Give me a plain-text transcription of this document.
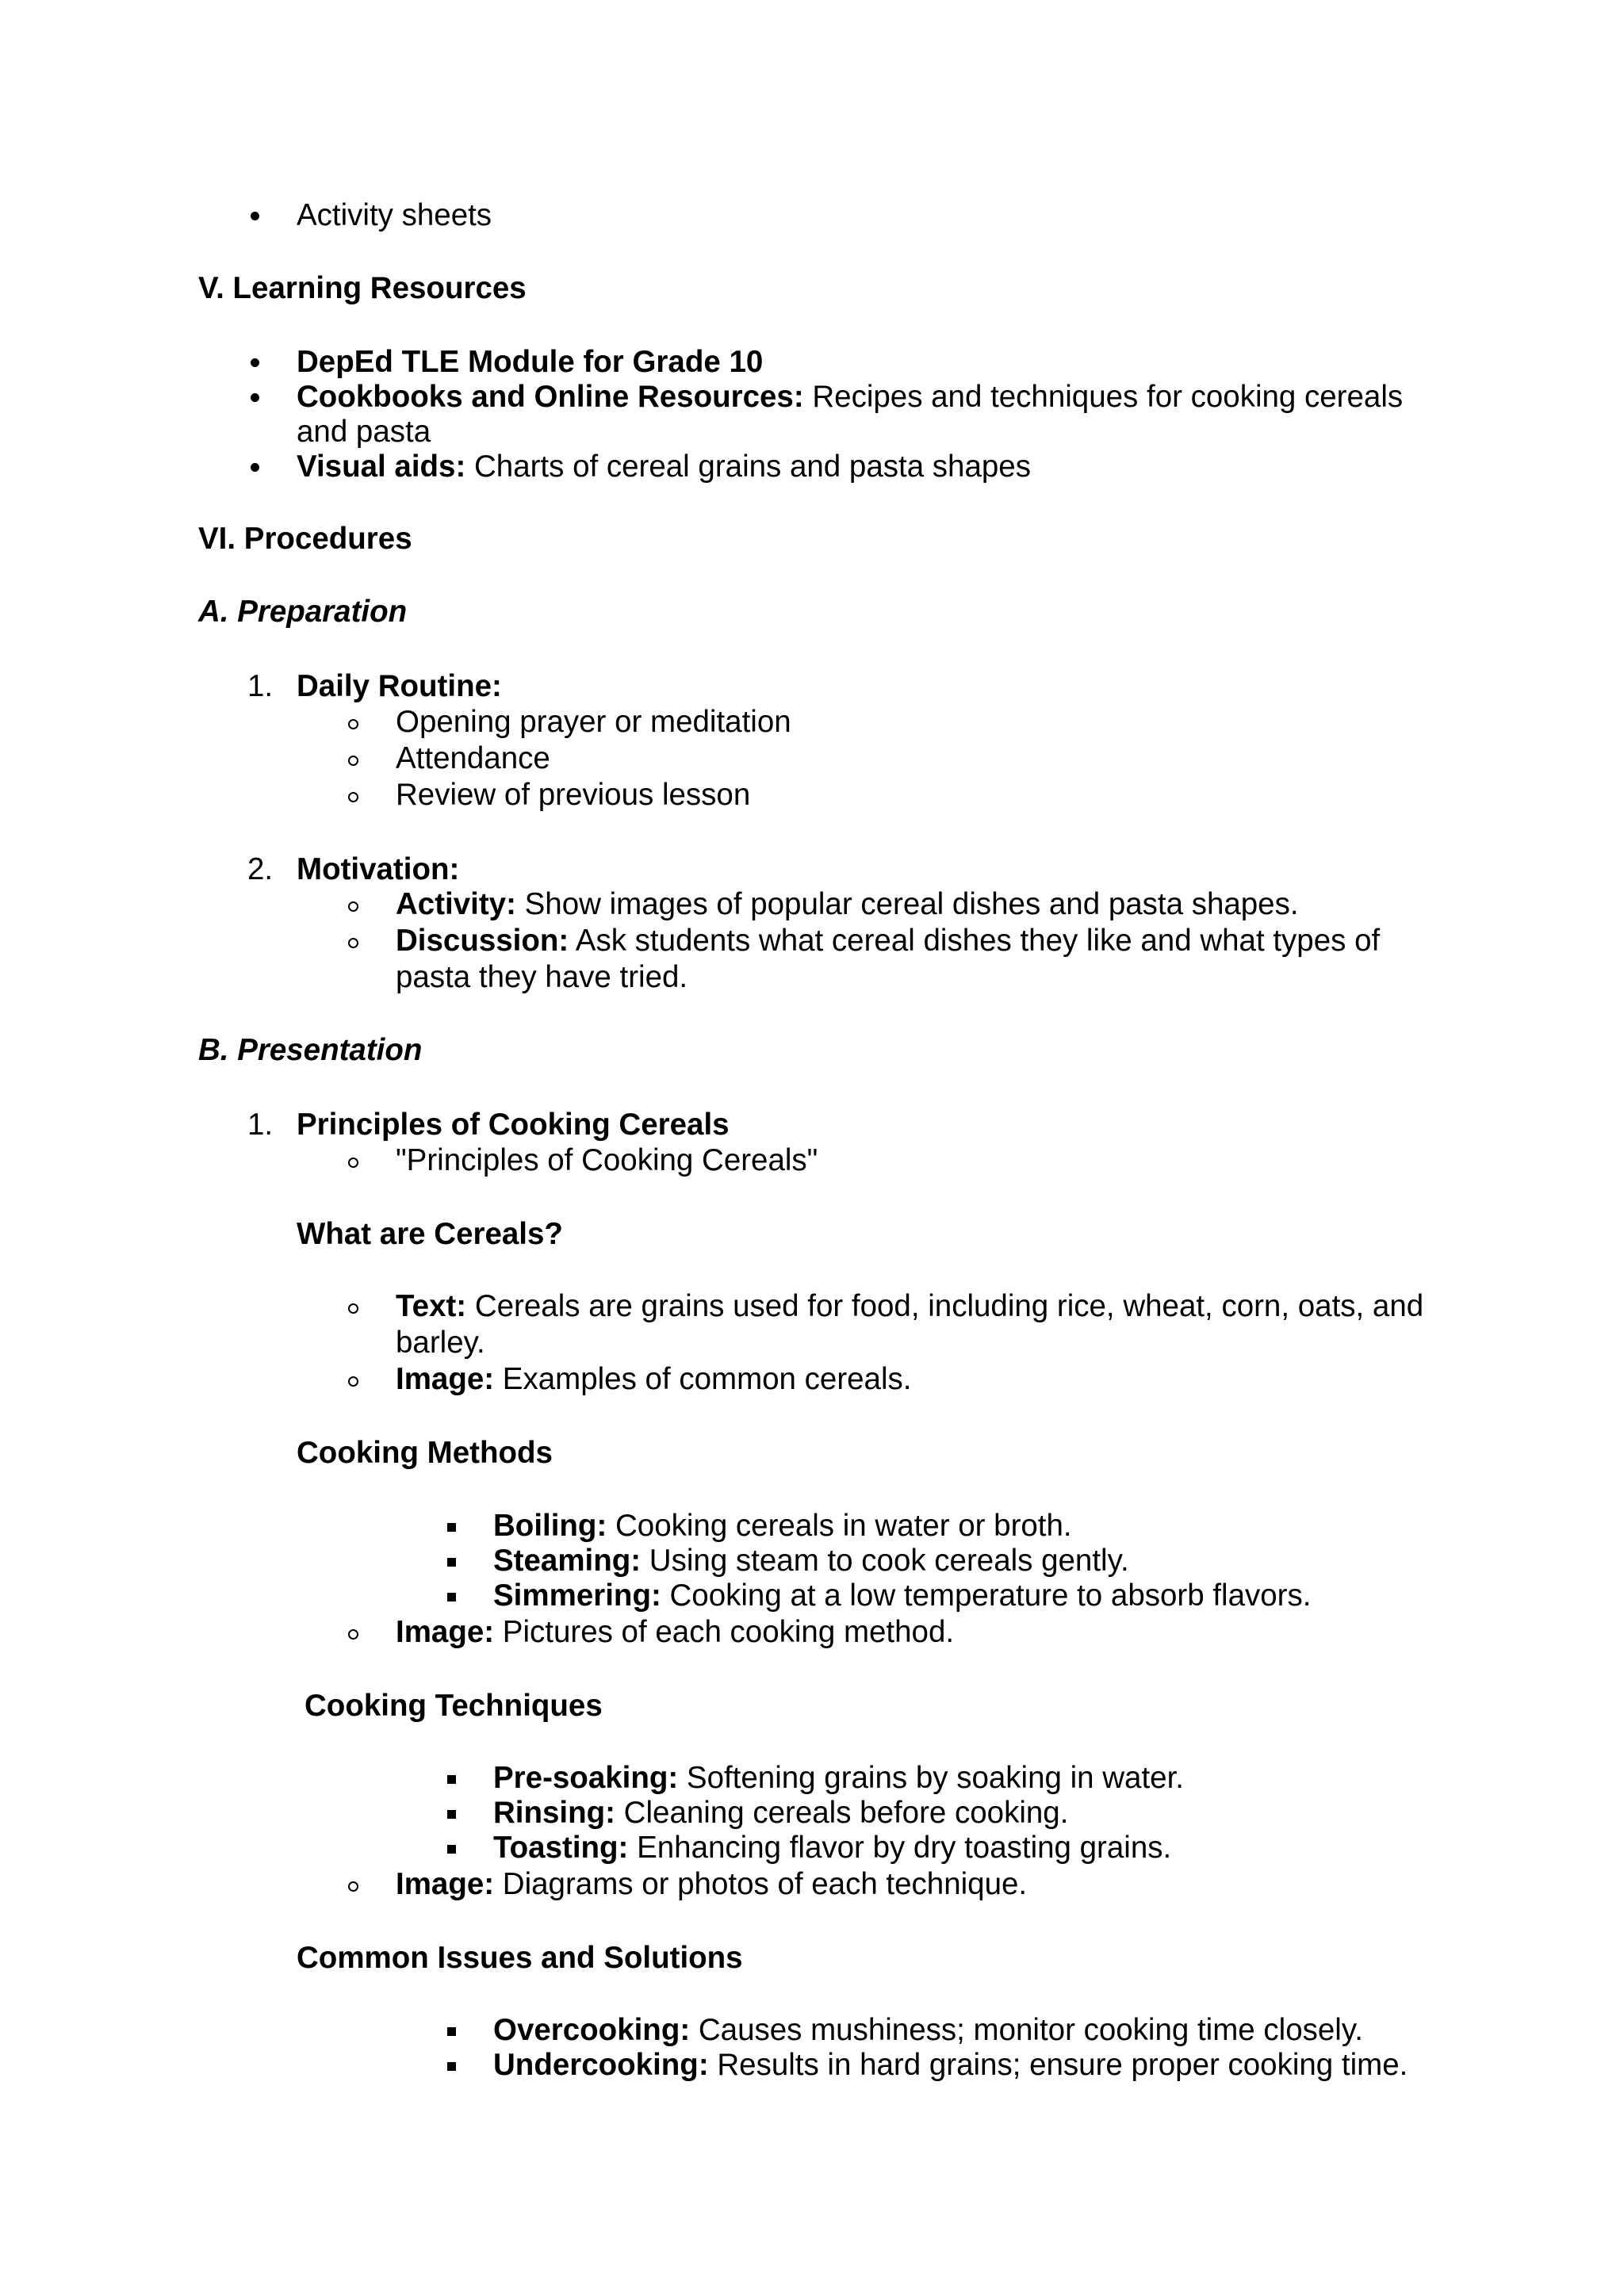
Activity sheets
V. Learning Resources
DepEd TLE Module for Grade 10
Cookbooks and Online Resources: Recipes and techniques for cooking cereals
and pasta
Visual aids: Charts of cereal grains and pasta shapes
VI. Procedures
A. Preparation
1. Daily Routine:
Opening prayer or meditation
Attendance
Review of previous lesson
2. Motivation:
Activity: Show images of popular cereal dishes and pasta shapes.
Discussion: Ask students what cereal dishes they like and what types of
pasta they have tried.
B. Presentation
1. Principles of Cooking Cereals
"Principles of Cooking Cereals"
What are Cereals?
Text: Cereals are grains used for food, including rice, wheat, corn, oats, and
barley.
Image: Examples of common cereals.
Cooking Methods
Boiling: Cooking cereals in water or broth.
Steaming: Using steam to cook cereals gently.
Simmering: Cooking at a low temperature to absorb flavors.
Image: Pictures of each cooking method.
Cooking Techniques
Pre-soaking: Softening grains by soaking in water.
Rinsing: Cleaning cereals before cooking.
Toasting: Enhancing flavor by dry toasting grains.
Image: Diagrams or photos of each technique.
Common Issues and Solutions
Overcooking: Causes mushiness; monitor cooking time closely.
Undercooking: Results in hard grains; ensure proper cooking time.
